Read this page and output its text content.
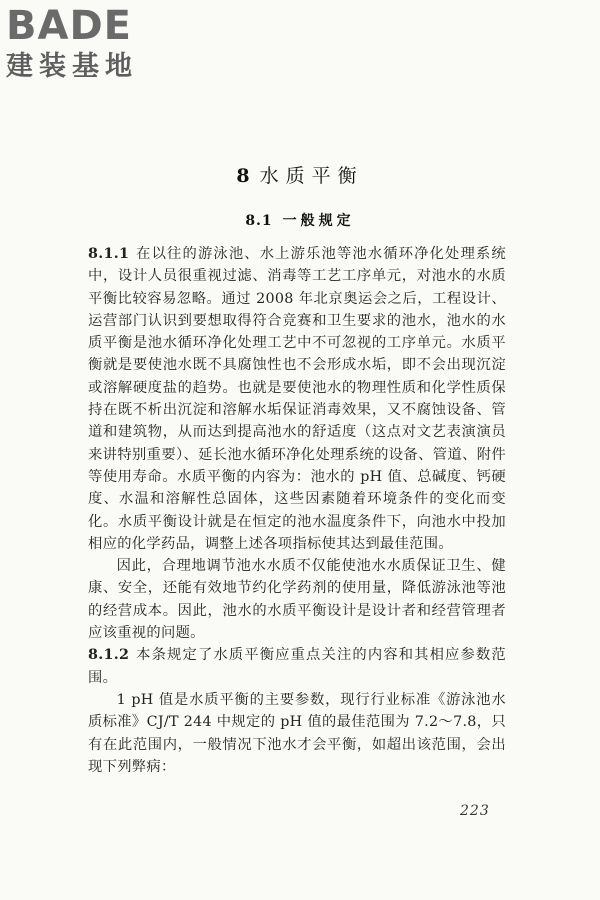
BADE
建装基地
8 水质平衡
8.1 一般规定

8.1.1 在以往的游泳池、水上游乐池等池水循环净化处理系统中，设计人员很重视过滤、消毒等工艺工序单元，对池水的水质平衡比较容易忽略。通过 2008 年北京奥运会之后，工程设计、运营部门认识到要想取得符合竞赛和卫生要求的池水，池水的水质平衡是池水循环净化处理工艺中不可忽视的工序单元。水质平衡就是要使池水既不具腐蚀性也不会形成水垢，即不会出现沉淀或溶解硬度盐的趋势。也就是要使池水的物理性质和化学性质保持在既不析出沉淀和溶解水垢保证消毒效果，又不腐蚀设备、管道和建筑物，从而达到提高池水的舒适度（这点对文艺表演演员来讲特别重要）、延长池水循环净化处理系统的设备、管道、附件等使用寿命。水质平衡的内容为：池水的 pH 值、总碱度、钙硬度、水温和溶解性总固体，这些因素随着环境条件的变化而变化。水质平衡设计就是在恒定的池水温度条件下，向池水中投加相应的化学药品，调整上述各项指标使其达到最佳范围。

因此，合理地调节池水水质不仅能使池水水质保证卫生、健康、安全，还能有效地节约化学药剂的使用量，降低游泳池等池的经营成本。因此，池水的水质平衡设计是设计者和经营管理者应该重视的问题。

8.1.2 本条规定了水质平衡应重点关注的内容和其相应参数范围。

1 pH 值是水质平衡的主要参数，现行行业标准《游泳池水质标准》CJ/T 244 中规定的 pH 值的最佳范围为 7.2～7.8，只有在此范围内，一般情况下池水才会平衡，如超出该范围，会出现下列弊病：

223
